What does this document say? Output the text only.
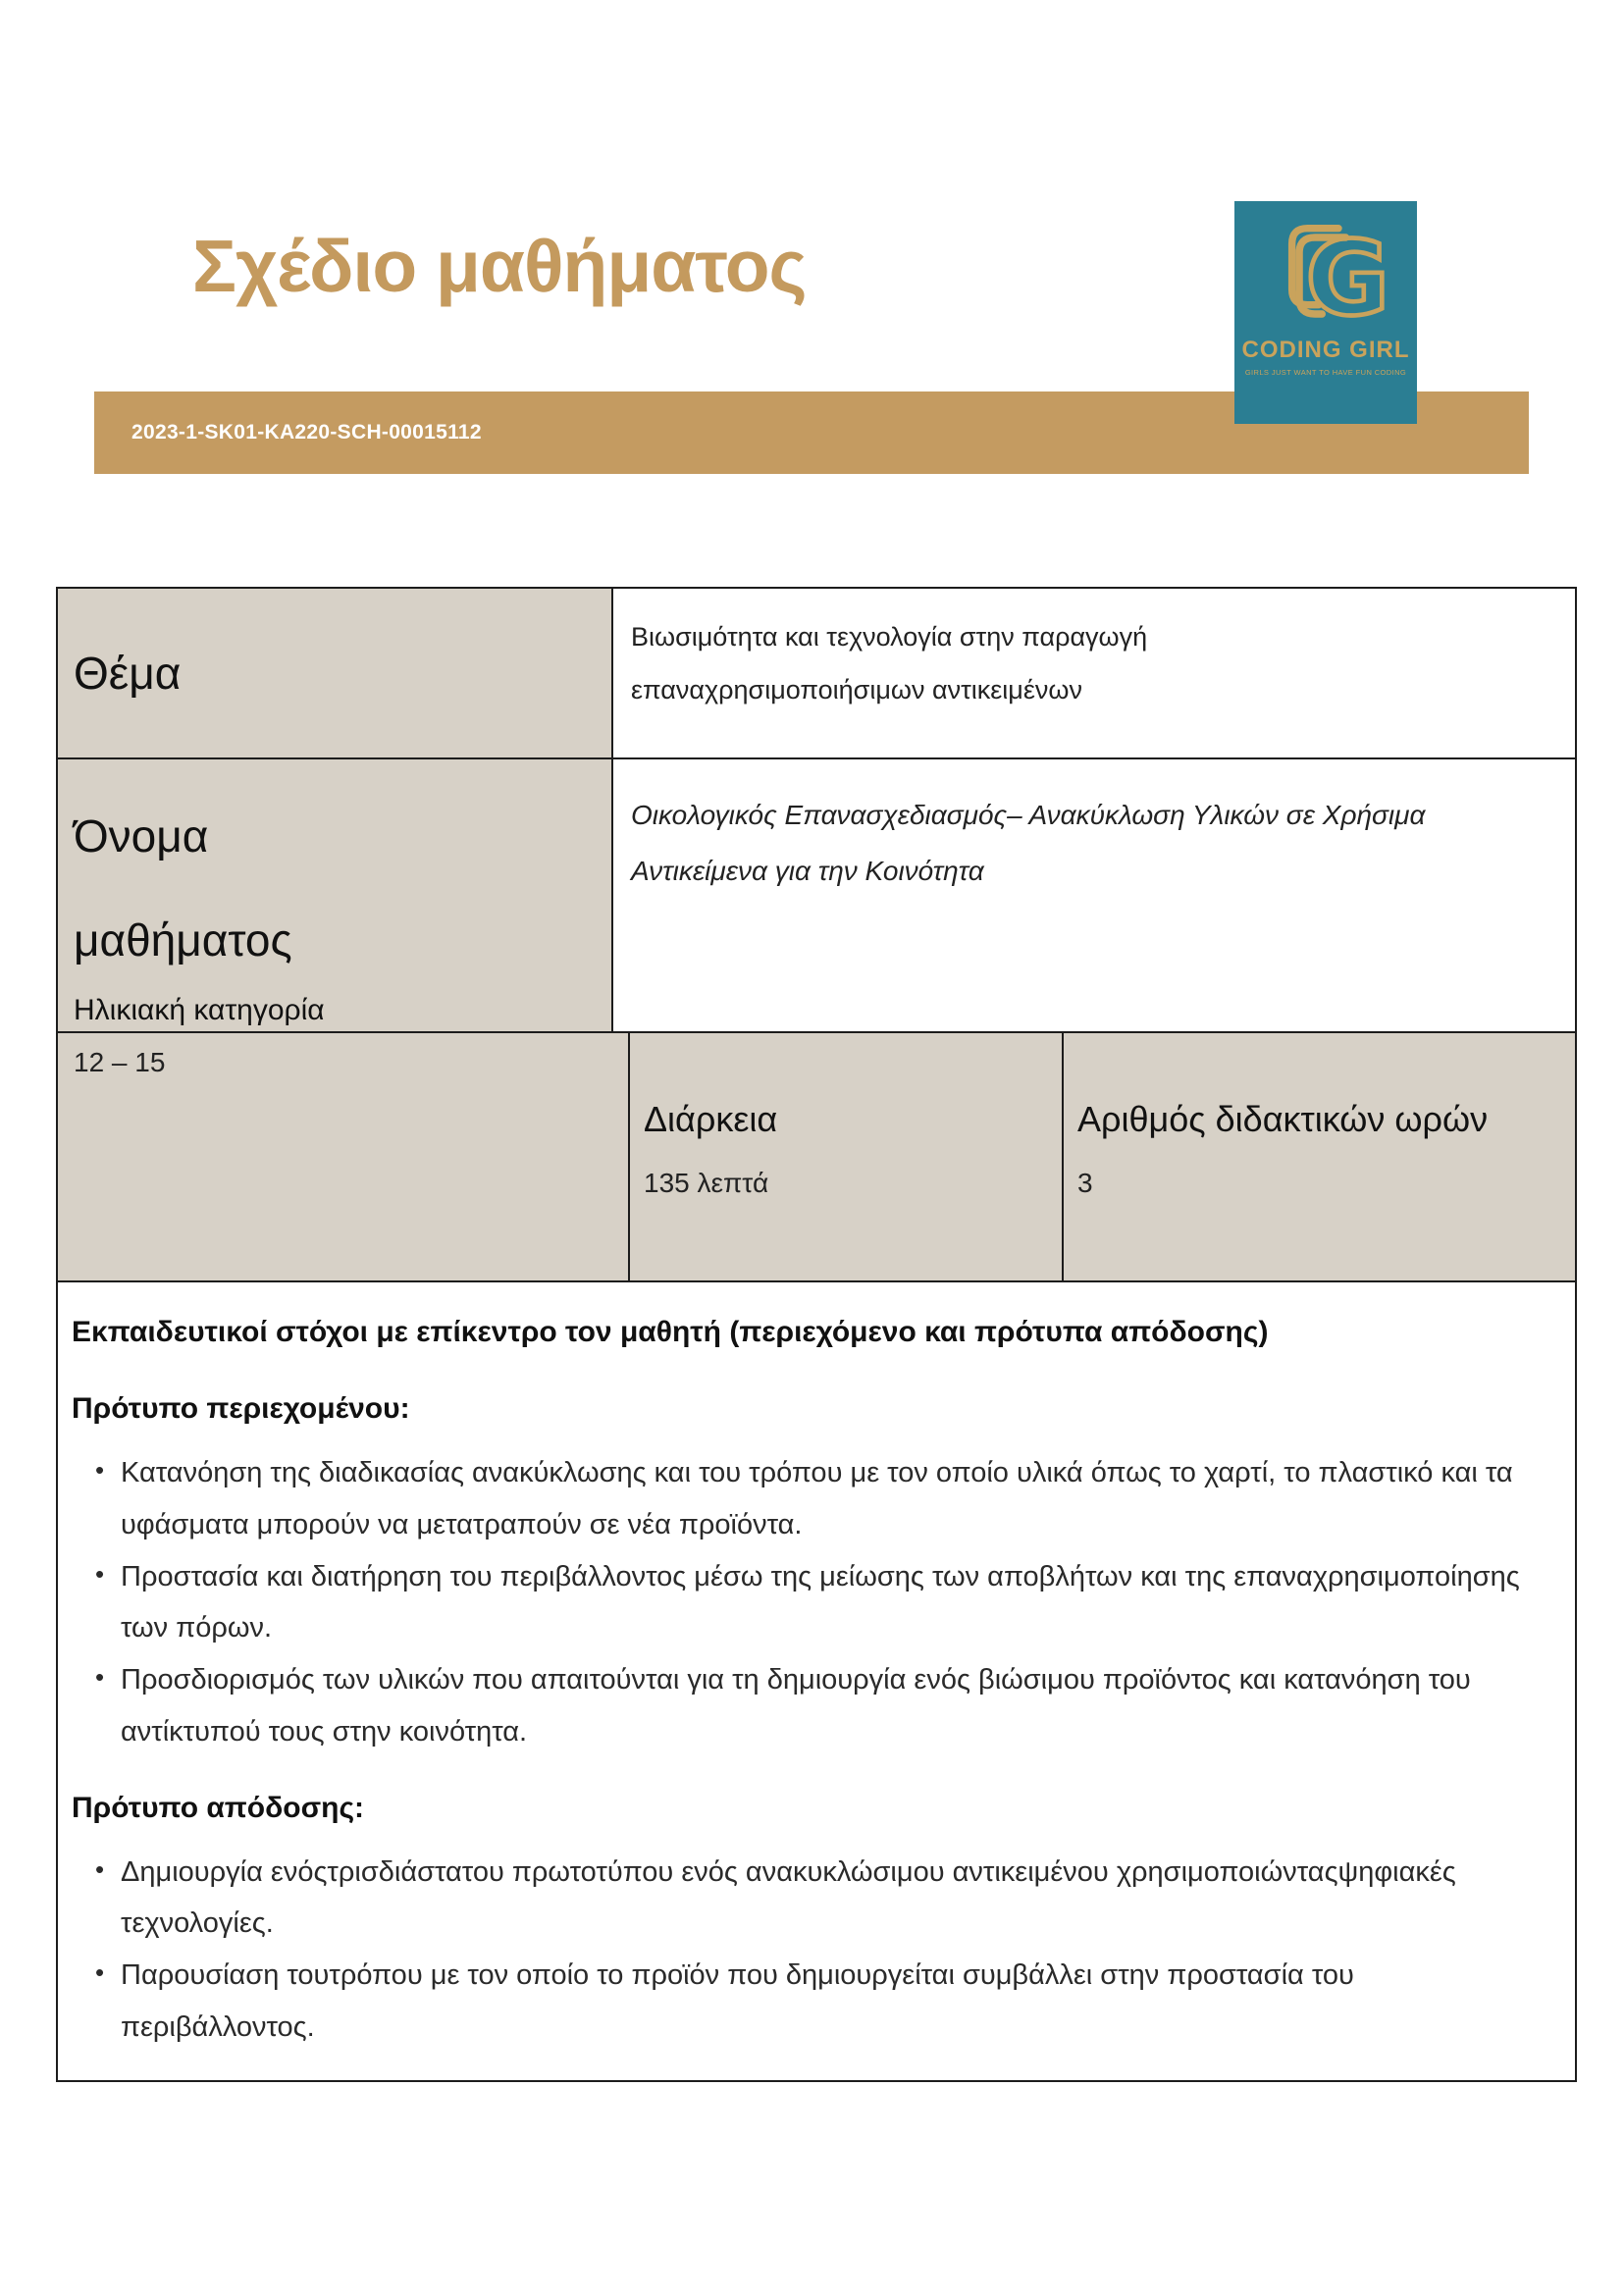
Σχέδιο μαθήματος	G
CODING GIRL
GIRLS JUST WANT TO HAVE FUN CODING
2023-1-SK01-KA220-SCH-00015112
Θέμα
Βιωσιμότητα και τεχνολογία στην παραγωγή επαναχρησιμοποιήσιμων αντικειμένων
Όνομα μαθήματος
Ηλικιακή κατηγορία
Οικολογικός Επανασχεδιασμός– Ανακύκλωση Υλικών σε Χρήσιμα Αντικείμενα για την Κοινότητα
12 – 15
Διάρκεια
135 λεπτά
Αριθμός διδακτικών ωρών
3
Εκπαιδευτικοί στόχοι με επίκεντρο τον μαθητή (περιεχόμενο και πρότυπα απόδοσης)
Πρότυπο περιεχομένου:
• Κατανόηση της διαδικασίας ανακύκλωσης και του τρόπου με τον οποίο υλικά όπως το χαρτί, το πλαστικό και τα υφάσματα μπορούν να μετατραπούν σε νέα προϊόντα.
• Προστασία και διατήρηση του περιβάλλοντος μέσω της μείωσης των αποβλήτων και της επαναχρησιμοποίησης των πόρων.
• Προσδιορισμός των υλικών που απαιτούνται για τη δημιουργία ενός βιώσιμου προϊόντος και κατανόηση του αντίκτυπού τους στην κοινότητα.
Πρότυπο απόδοσης:
• Δημιουργία ενόςτρισδιάστατου πρωτοτύπου ενός ανακυκλώσιμου αντικειμένου χρησιμοποιώνταςψηφιακές τεχνολογίες.
• Παρουσίαση τουτρόπου με τον οποίο το προϊόν που δημιουργείται συμβάλλει στην προστασία του περιβάλλοντος.
